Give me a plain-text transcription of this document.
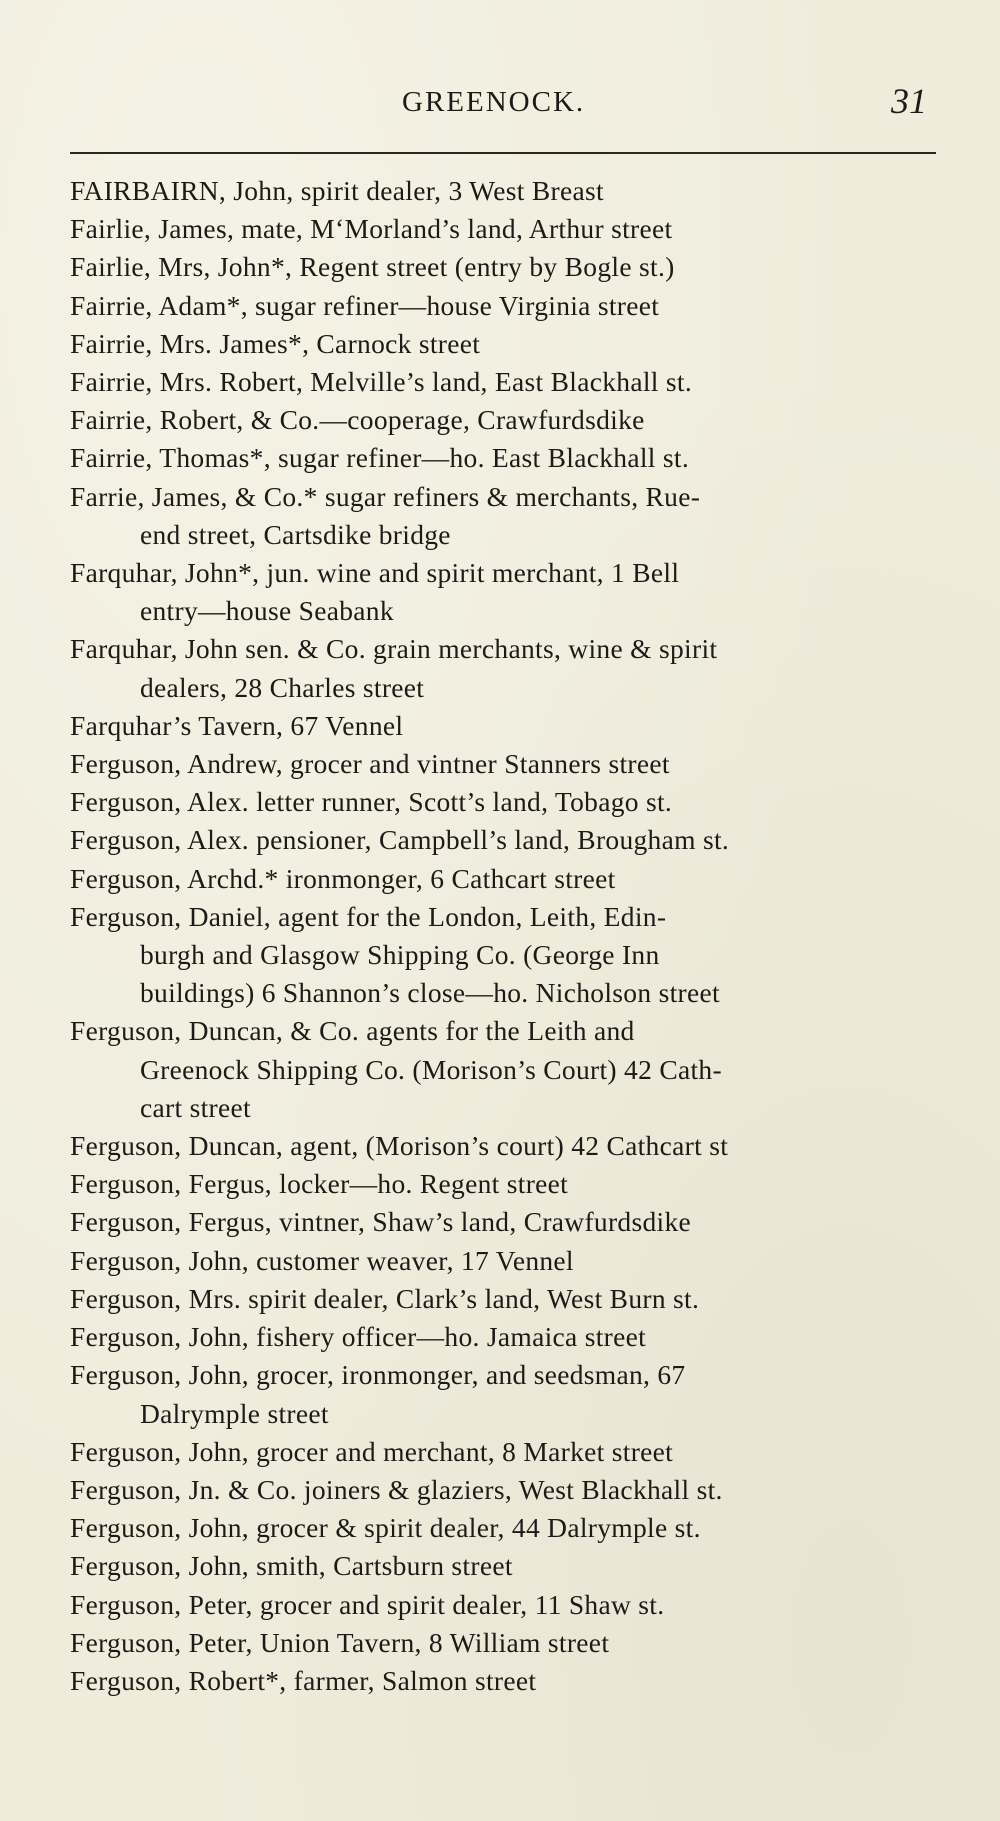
GREENOCK.	31

FAIRBAIRN, John, spirit dealer, 3 West Breast

Fairlie, James, mate, M‘Morland’s land, Arthur street

Fairlie, Mrs, John*, Regent street (entry by Bogle st.)

Fairrie, Adam*, sugar refiner—house Virginia street

Fairrie, Mrs. James*, Carnock street

Fairrie, Mrs. Robert, Melville’s land, East Blackhall st.

Fairrie, Robert, & Co.—cooperage, Crawfurdsdike

Fairrie, Thomas*, sugar refiner—ho. East Blackhall st.

Farrie, James, & Co.* sugar refiners & merchants, Rue-
end street, Cartsdike bridge

Farquhar, John*, jun. wine and spirit merchant, 1 Bell
entry—house Seabank

Farquhar, John sen. & Co. grain merchants, wine & spirit
dealers, 28 Charles street

Farquhar’s Tavern, 67 Vennel

Ferguson, Andrew, grocer and vintner Stanners street

Ferguson, Alex. letter runner, Scott’s land, Tobago st.

Ferguson, Alex. pensioner, Campbell’s land, Brougham st.

Ferguson, Archd.* ironmonger, 6 Cathcart street

Ferguson, Daniel, agent for the London, Leith, Edin-
burgh and Glasgow Shipping Co. (George Inn
buildings) 6 Shannon’s close—ho. Nicholson street

Ferguson, Duncan, & Co. agents for the Leith and
Greenock Shipping Co. (Morison’s Court) 42 Cath-
cart street

Ferguson, Duncan, agent, (Morison’s court) 42 Cathcart st

Ferguson, Fergus, locker—ho. Regent street

Ferguson, Fergus, vintner, Shaw’s land, Crawfurdsdike

Ferguson, John, customer weaver, 17 Vennel

Ferguson, Mrs. spirit dealer, Clark’s land, West Burn st.

Ferguson, John, fishery officer—ho. Jamaica street

Ferguson, John, grocer, ironmonger, and seedsman, 67
Dalrymple street

Ferguson, John, grocer and merchant, 8 Market street

Ferguson, Jn. & Co. joiners & glaziers, West Blackhall st.

Ferguson, John, grocer & spirit dealer, 44 Dalrymple st.

Ferguson, John, smith, Cartsburn street

Ferguson, Peter, grocer and spirit dealer, 11 Shaw st.

Ferguson, Peter, Union Tavern, 8 William street

Ferguson, Robert*, farmer, Salmon street
